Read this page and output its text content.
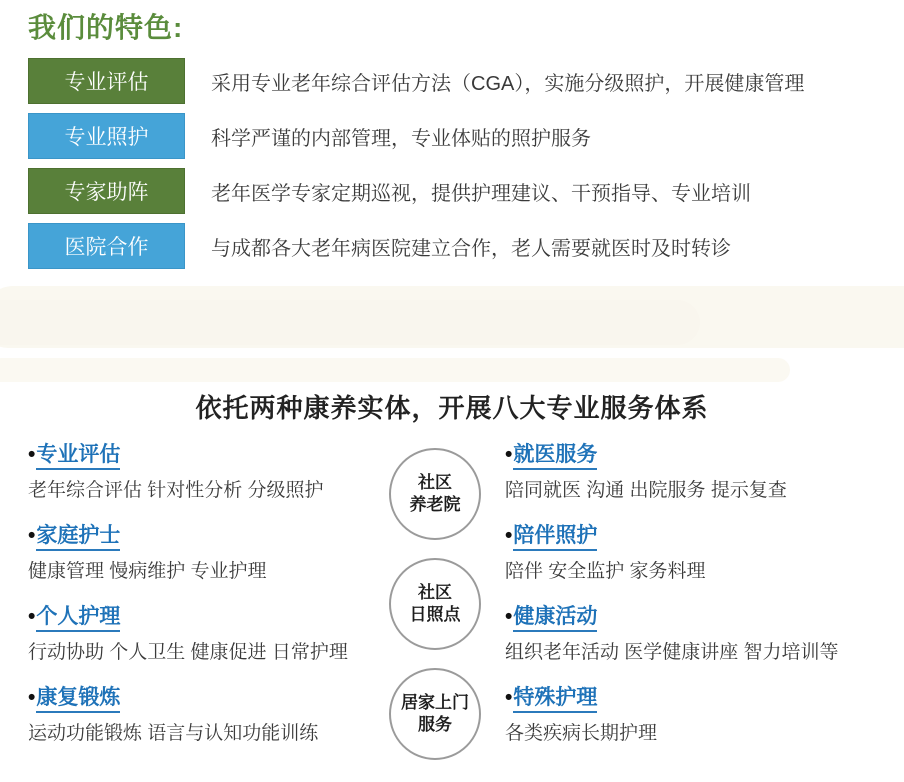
我们的特色:
专业评估	采用专业老年综合评估方法（CGA），实施分级照护，开展健康管理
专业照护	科学严谨的内部管理，专业体贴的照护服务
专家助阵	老年医学专家定期巡视，提供护理建议、干预指导、专业培训
医院合作	与成都各大老年病医院建立合作，老人需要就医时及时转诊
依托两种康养实体，开展八大专业服务体系
•专业评估
老年综合评估 针对性分析 分级照护
•家庭护士
健康管理 慢病维护 专业护理
•个人护理
行动协助 个人卫生 健康促进 日常护理
•康复锻炼
运动功能锻炼 语言与认知功能训练
社区
养老院
社区
日照点
居家上门
服务
•就医服务
陪同就医 沟通 出院服务 提示复查
•陪伴照护
陪伴 安全监护 家务料理
•健康活动
组织老年活动 医学健康讲座 智力培训等
•特殊护理
各类疾病长期护理
